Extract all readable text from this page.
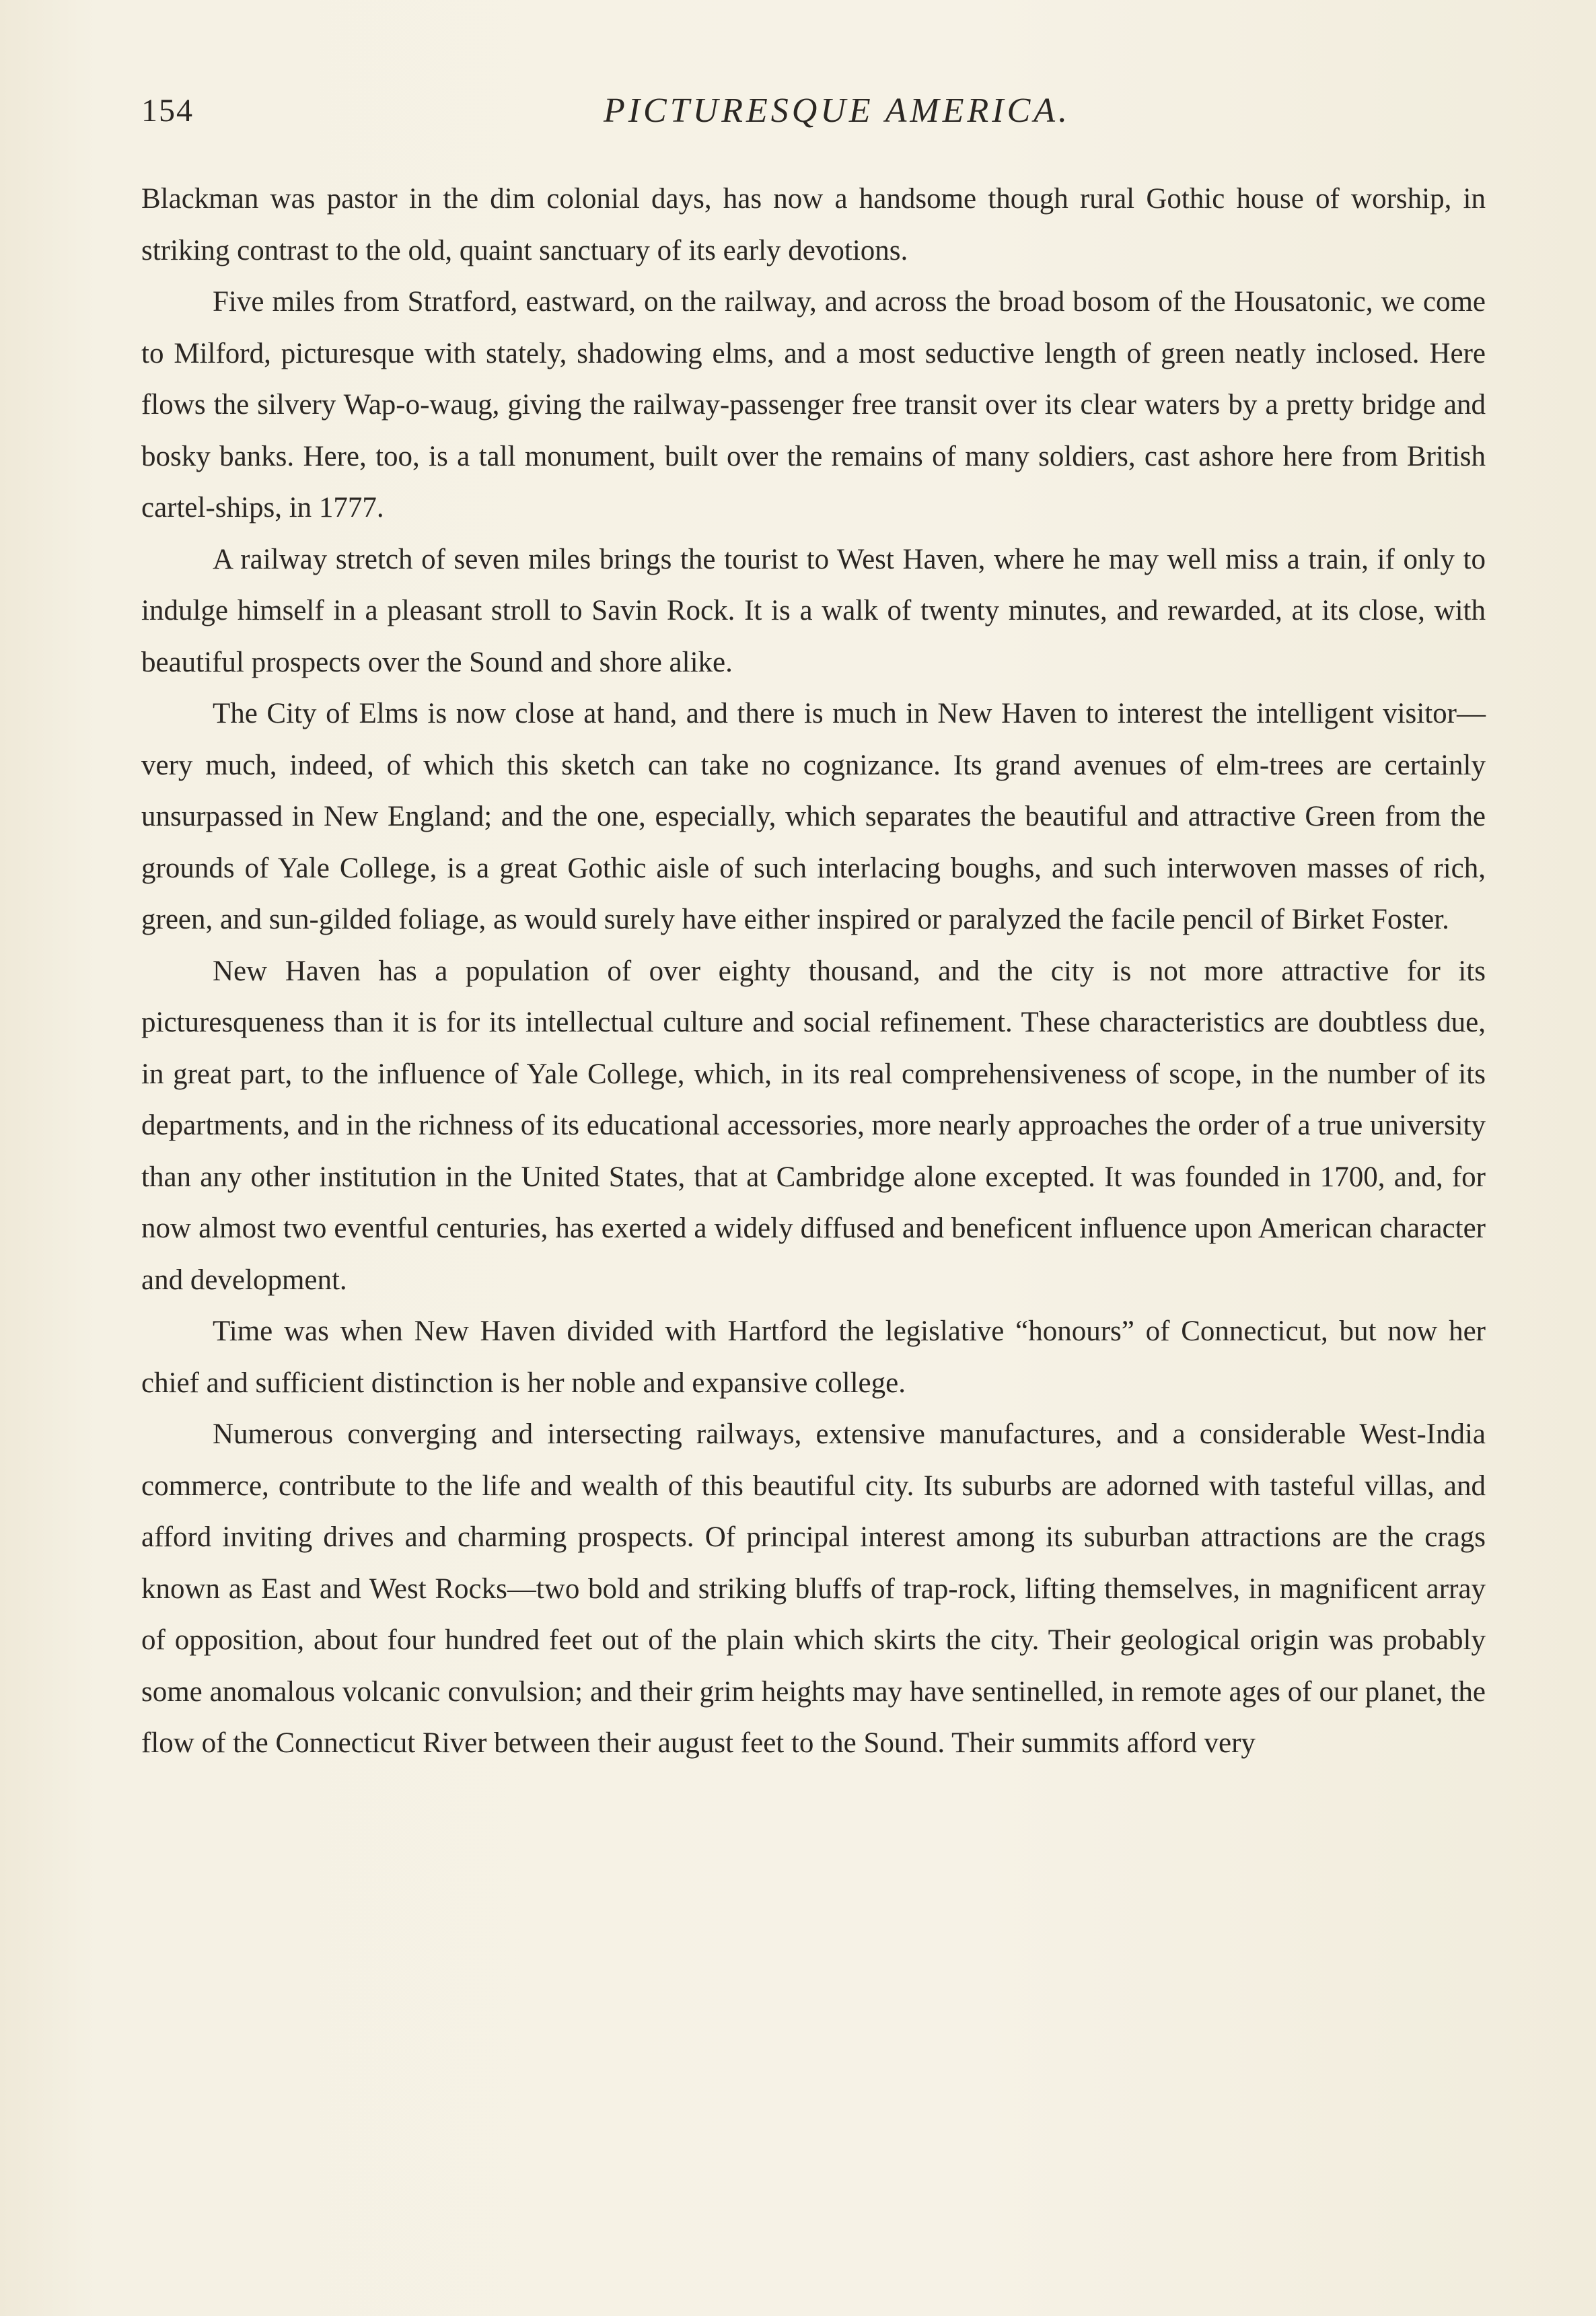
154	PICTURESQUE AMERICA.

Blackman was pastor in the dim colonial days, has now a handsome though rural Gothic house of worship, in striking contrast to the old, quaint sanctuary of its early devotions.

Five miles from Stratford, eastward, on the railway, and across the broad bosom of the Housatonic, we come to Milford, picturesque with stately, shadowing elms, and a most seductive length of green neatly inclosed. Here flows the silvery Wap-o-waug, giving the railway-passenger free transit over its clear waters by a pretty bridge and bosky banks. Here, too, is a tall monument, built over the remains of many soldiers, cast ashore here from British cartel-ships, in 1777.

A railway stretch of seven miles brings the tourist to West Haven, where he may well miss a train, if only to indulge himself in a pleasant stroll to Savin Rock. It is a walk of twenty minutes, and rewarded, at its close, with beautiful prospects over the Sound and shore alike.

The City of Elms is now close at hand, and there is much in New Haven to interest the intelligent visitor—very much, indeed, of which this sketch can take no cognizance. Its grand avenues of elm-trees are certainly unsurpassed in New England; and the one, especially, which separates the beautiful and attractive Green from the grounds of Yale College, is a great Gothic aisle of such interlacing boughs, and such interwoven masses of rich, green, and sun-gilded foliage, as would surely have either inspired or paralyzed the facile pencil of Birket Foster.

New Haven has a population of over eighty thousand, and the city is not more attractive for its picturesqueness than it is for its intellectual culture and social refinement. These characteristics are doubtless due, in great part, to the influence of Yale College, which, in its real comprehensiveness of scope, in the number of its departments, and in the richness of its educational accessories, more nearly approaches the order of a true university than any other institution in the United States, that at Cambridge alone excepted. It was founded in 1700, and, for now almost two eventful centuries, has exerted a widely diffused and beneficent influence upon American character and development.

Time was when New Haven divided with Hartford the legislative “honours” of Connecticut, but now her chief and sufficient distinction is her noble and expansive college.

Numerous converging and intersecting railways, extensive manufactures, and a considerable West-India commerce, contribute to the life and wealth of this beautiful city. Its suburbs are adorned with tasteful villas, and afford inviting drives and charming prospects. Of principal interest among its suburban attractions are the crags known as East and West Rocks—two bold and striking bluffs of trap-rock, lifting themselves, in magnificent array of opposition, about four hundred feet out of the plain which skirts the city. Their geological origin was probably some anomalous volcanic convulsion; and their grim heights may have sentinelled, in remote ages of our planet, the flow of the Connecticut River between their august feet to the Sound. Their summits afford very
